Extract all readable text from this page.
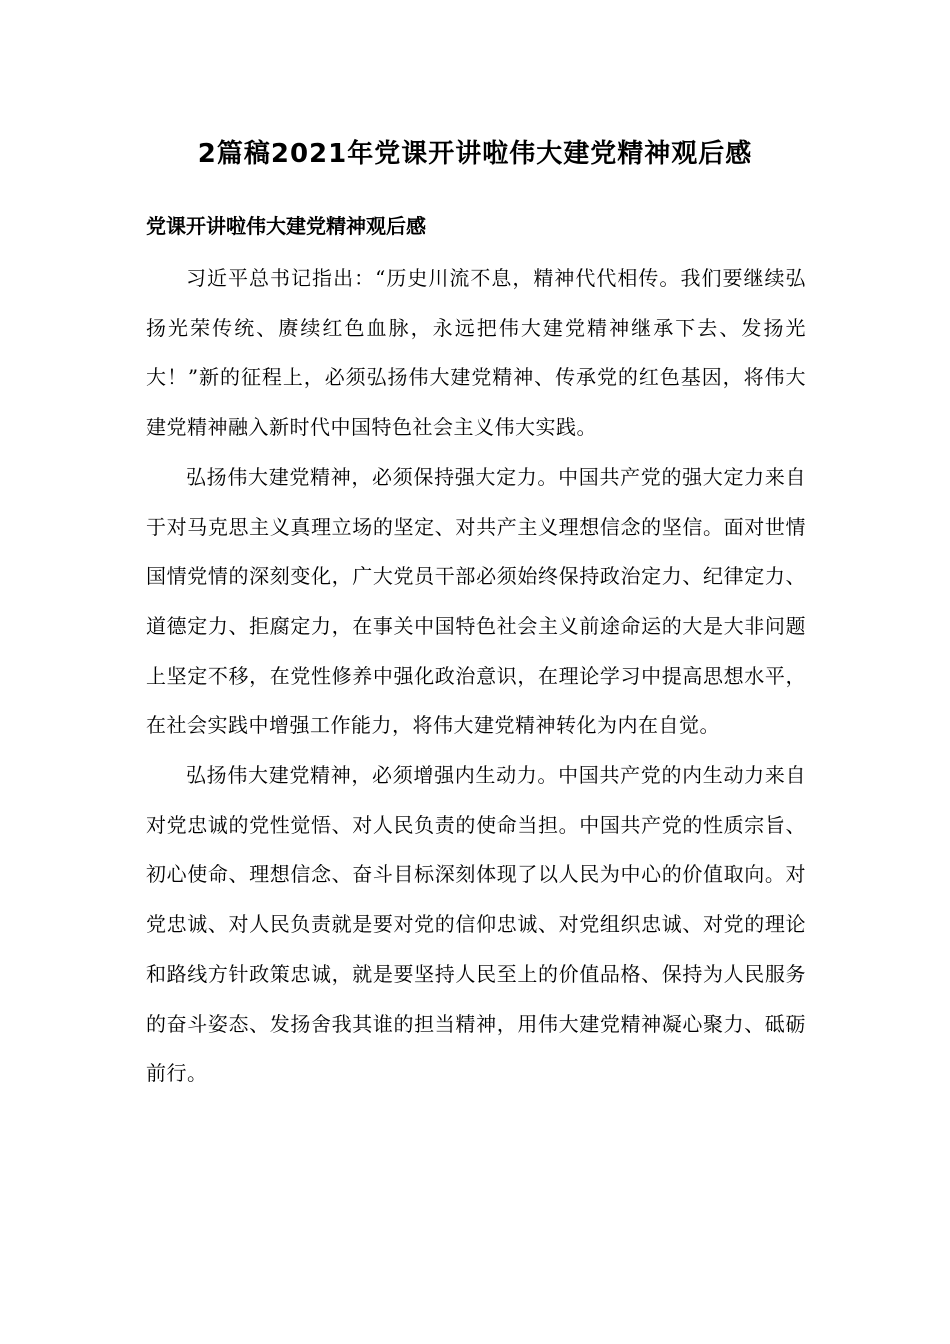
2篇稿2021年党课开讲啦伟大建党精神观后感
党课开讲啦伟大建党精神观后感

习近平总书记指出：“历史川流不息，精神代代相传。我们要继续弘扬光荣传统、赓续红色血脉，永远把伟大建党精神继承下去、发扬光大！”新的征程上，必须弘扬伟大建党精神、传承党的红色基因，将伟大建党精神融入新时代中国特色社会主义伟大实践。

弘扬伟大建党精神，必须保持强大定力。中国共产党的强大定力来自于对马克思主义真理立场的坚定、对共产主义理想信念的坚信。面对世情国情党情的深刻变化，广大党员干部必须始终保持政治定力、纪律定力、道德定力、拒腐定力，在事关中国特色社会主义前途命运的大是大非问题上坚定不移，在党性修养中强化政治意识，在理论学习中提高思想水平，在社会实践中增强工作能力，将伟大建党精神转化为内在自觉。

弘扬伟大建党精神，必须增强内生动力。中国共产党的内生动力来自对党忠诚的党性觉悟、对人民负责的使命当担。中国共产党的性质宗旨、初心使命、理想信念、奋斗目标深刻体现了以人民为中心的价值取向。对党忠诚、对人民负责就是要对党的信仰忠诚、对党组织忠诚、对党的理论和路线方针政策忠诚，就是要坚持人民至上的价值品格、保持为人民服务的奋斗姿态、发扬舍我其谁的担当精神，用伟大建党精神凝心聚力、砥砺前行。
